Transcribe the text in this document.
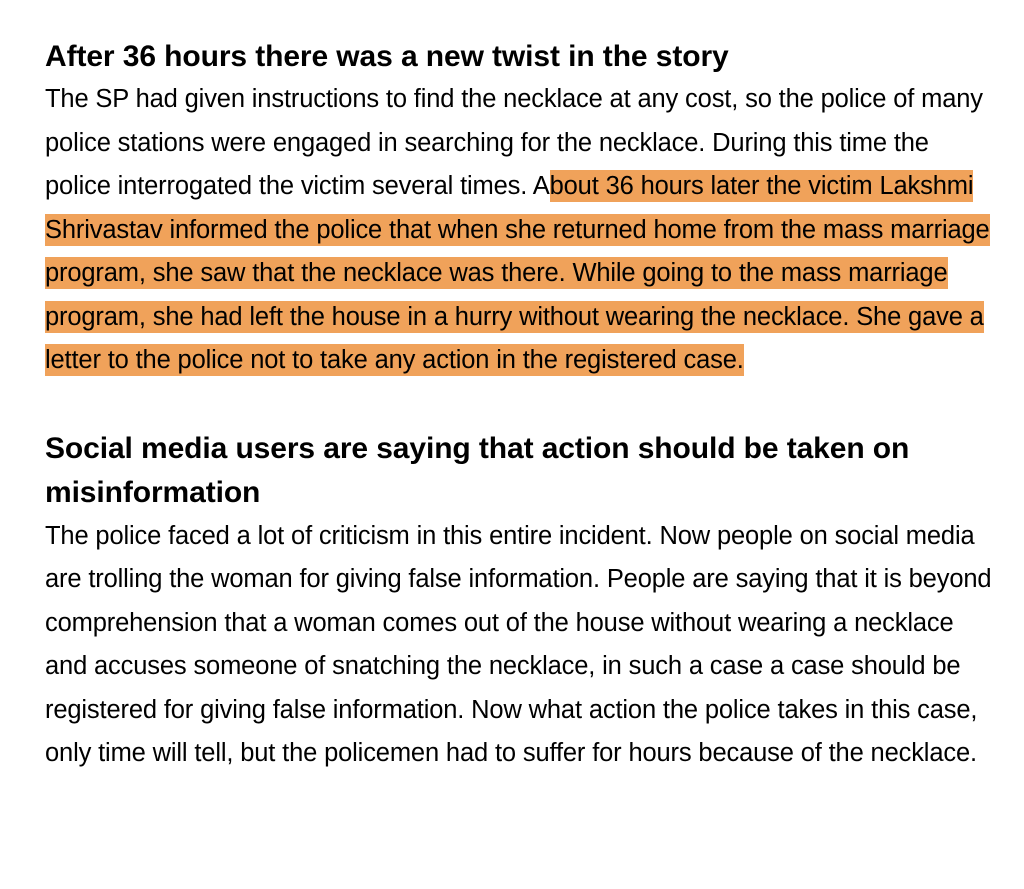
After 36 hours there was a new twist in the story

The SP had given instructions to find the necklace at any cost, so the police of many police stations were engaged in searching for the necklace. During this time the police interrogated the victim several times. About 36 hours later the victim Lakshmi Shrivastav informed the police that when she returned home from the mass marriage program, she saw that the necklace was there. While going to the mass marriage program, she had left the house in a hurry without wearing the necklace. She gave a letter to the police not to take any action in the registered case.

Social media users are saying that action should be taken on misinformation

The police faced a lot of criticism in this entire incident. Now people on social media are trolling the woman for giving false information. People are saying that it is beyond comprehension that a woman comes out of the house without wearing a necklace and accuses someone of snatching the necklace, in such a case a case should be registered for giving false information. Now what action the police takes in this case, only time will tell, but the policemen had to suffer for hours because of the necklace.
